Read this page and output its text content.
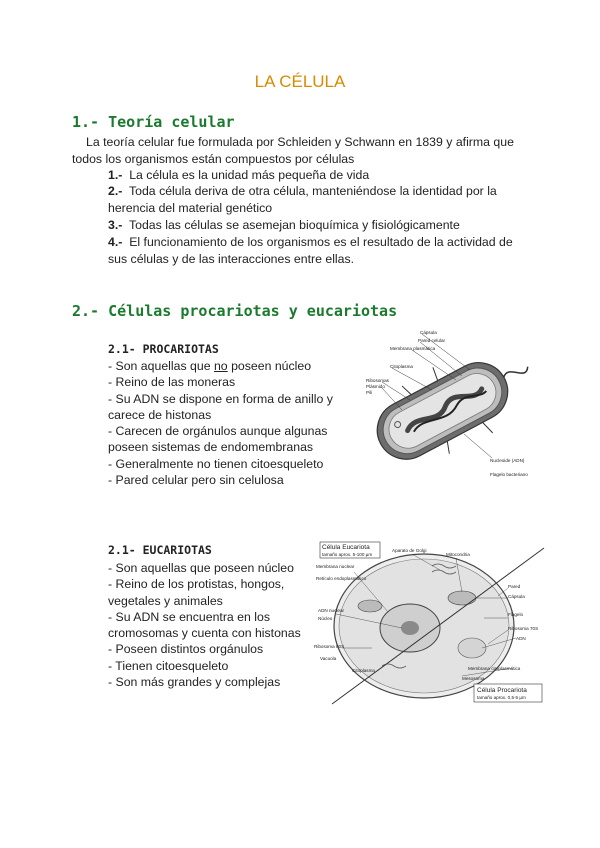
LA CÉLULA
1.- Teoría celular
La teoría celular fue formulada por Schleiden y Schwann en 1839 y afirma que
todos los organismos están compuestos por células
1.- La célula es la unidad más pequeña de vida
2.- Toda célula deriva de otra célula, manteniéndose la identidad por la
herencia del material genético
3.- Todas las células se asemejan bioquímica y fisiológicamente
4.- El funcionamiento de los organismos es el resultado de la actividad de
sus células y de las interacciones entre ellas.
2.- Células procariotas y eucariotas
2.1- PROCARIOTAS
- Son aquellas que no poseen núcleo
- Reino de las moneras
- Su ADN se dispone en forma de anillo y
carece de histonas
- Carecen de orgánulos aunque algunas
poseen sistemas de endomembranas
- Generalmente no tienen citoesqueleto
- Pared celular pero sin celulosa
Cápsula
Pared celular
Membrana plasmática
Citoplasma
Ribosomas
Plásmido
Pili
Nucleoide (ADN)
Flagelo bacteriano
2.1- EUCARIOTAS
- Son aquellas que poseen núcleo
- Reino de los protistas, hongos,
vegetales y animales
- Su ADN se encuentra en los
cromosomas y cuenta con histonas
- Poseen distintos orgánulos
- Tienen citoesqueleto
- Son más grandes y complejas
Célula Eucariota
tamaño aprox. 5-100 µm
Aparato de Golgi
Mitocondria
Membrana nuclear
Retículo endoplasmático
Pared
Cápsula
ADN nuclear
Núcleo
Flagelo
Ribosoma 70S
ADN
Ribosoma 80S
Vacuola
Membrana citoplasmática
Mesosoma
Citoplasma
Célula Procariota
tamaño aprox. 0,5-5 µm
